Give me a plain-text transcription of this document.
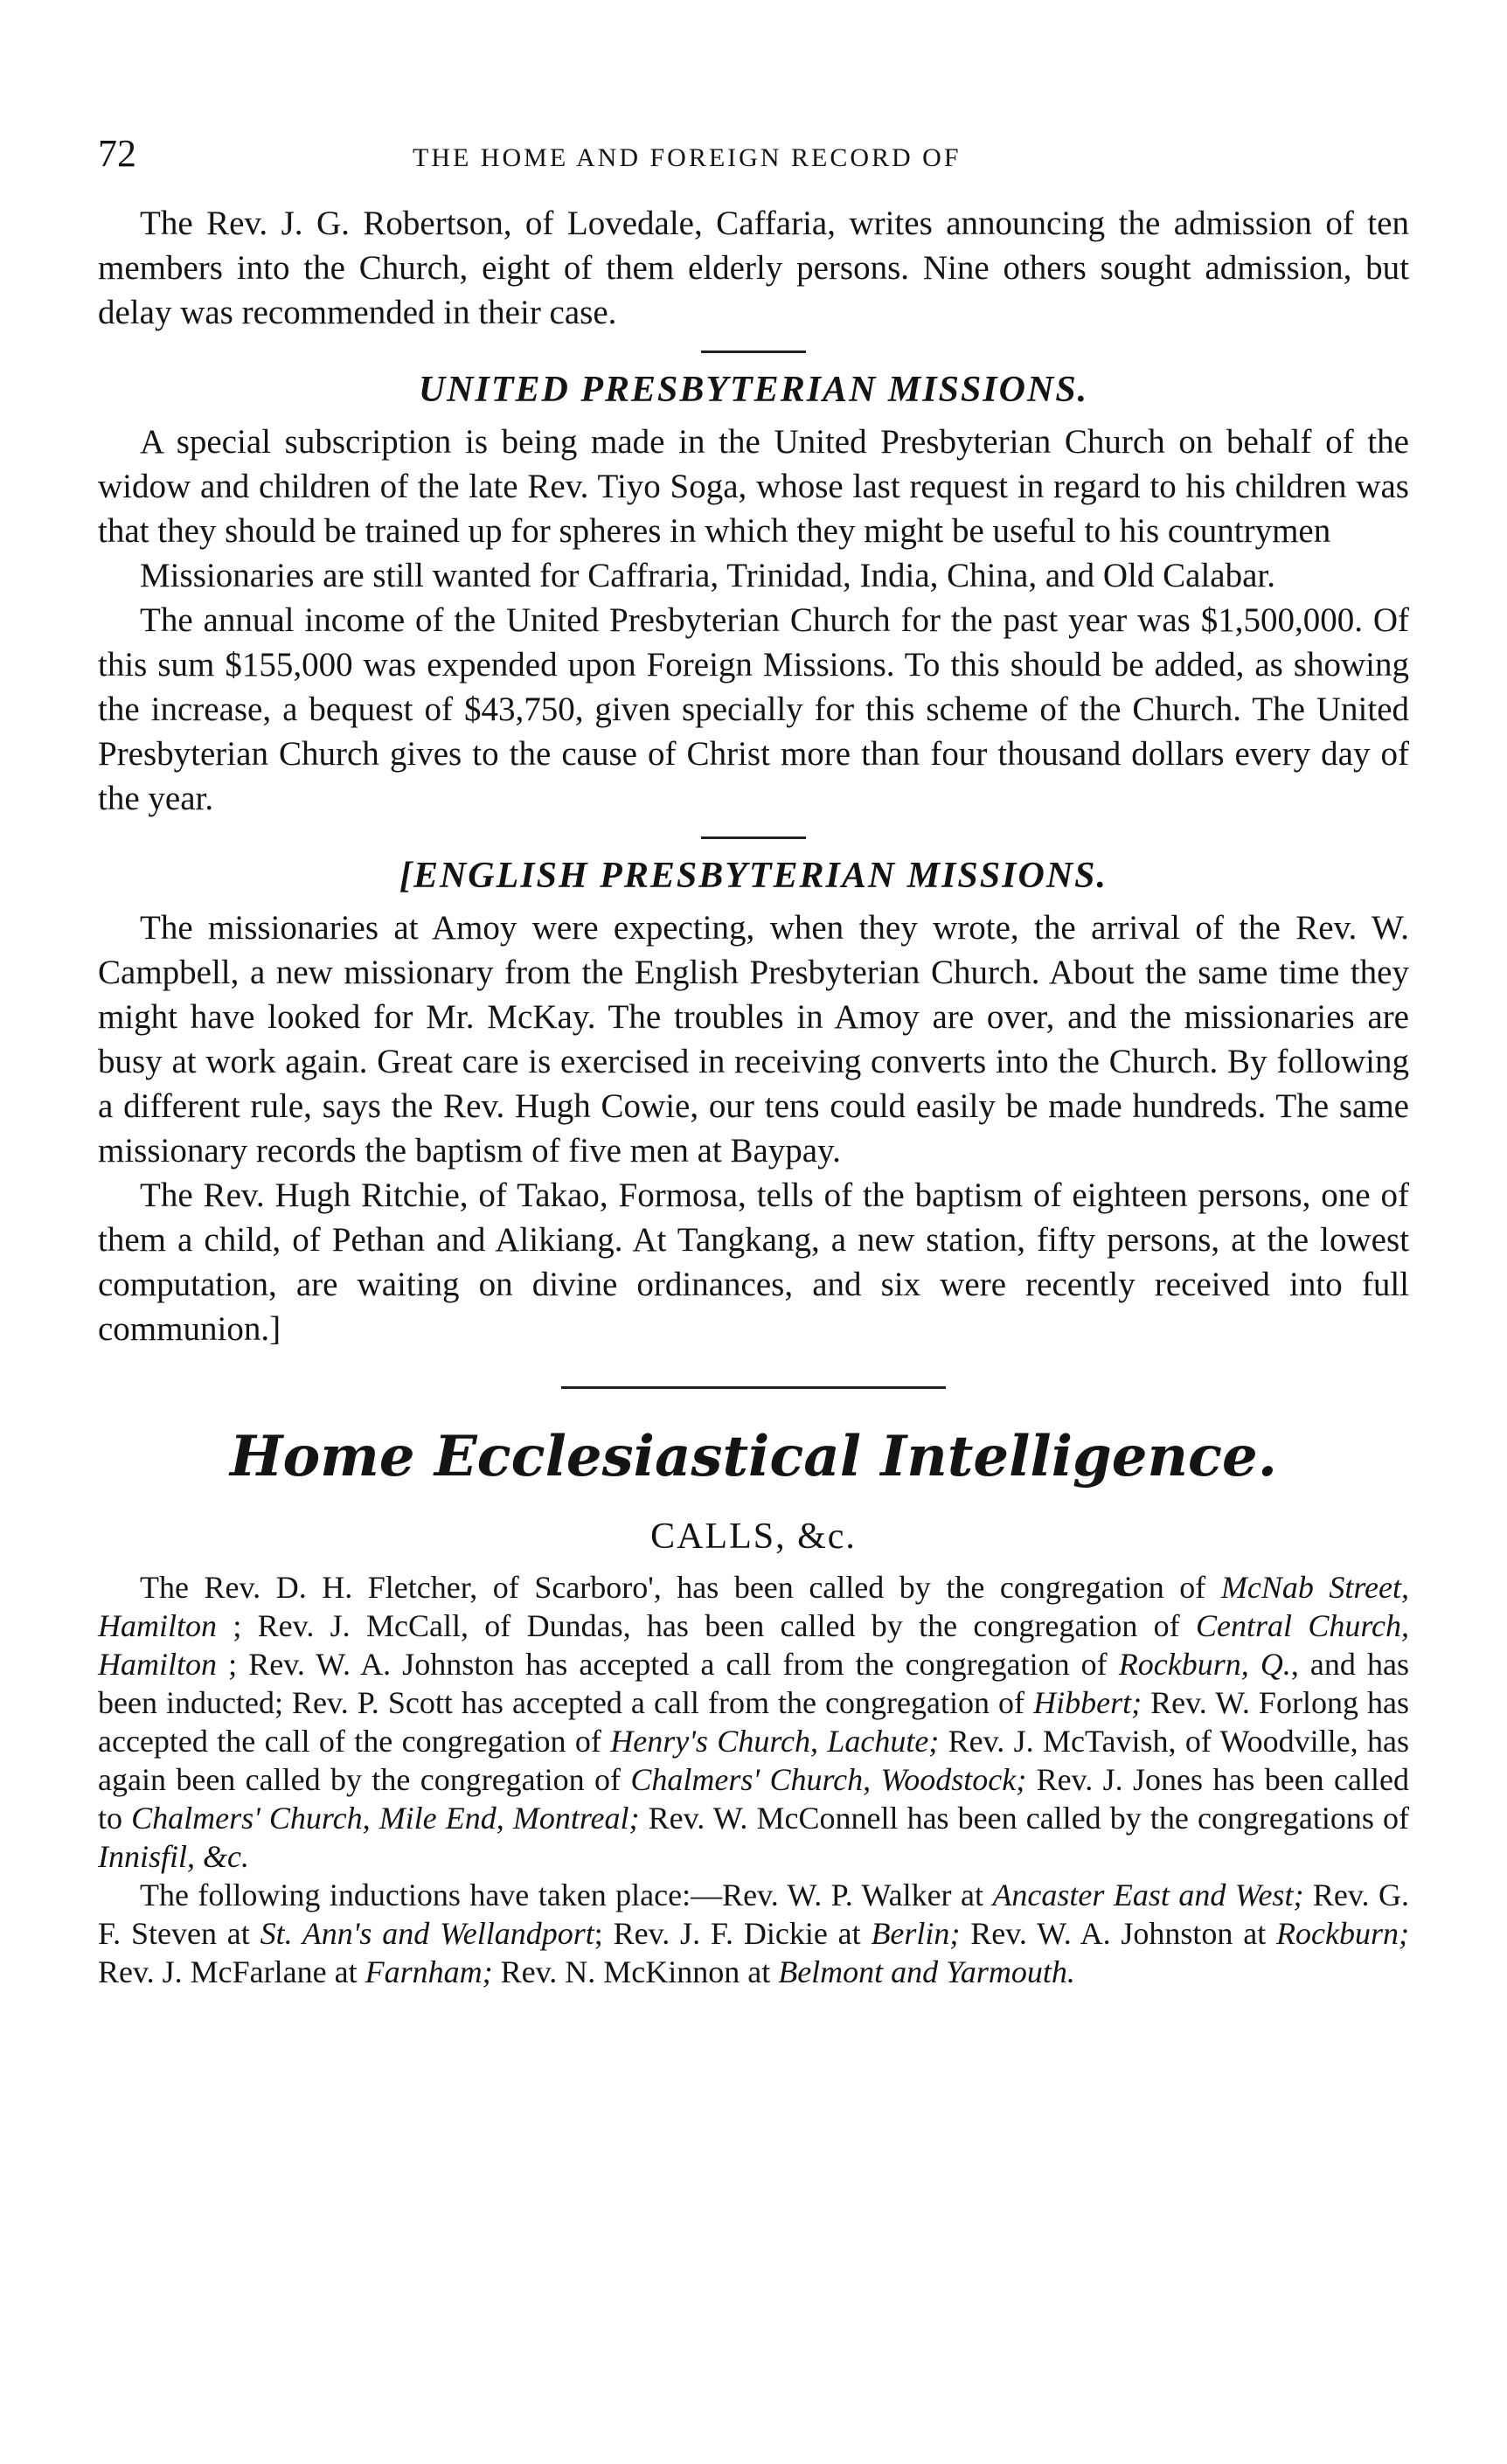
72	THE HOME AND FOREIGN RECORD OF

The Rev. J. G. Robertson, of Lovedale, Caffaria, writes announcing the admission of ten members into the Church, eight of them elderly persons. Nine others sought admission, but delay was recommended in their case.

UNITED PRESBYTERIAN MISSIONS.

A special subscription is being made in the United Presbyterian Church on behalf of the widow and children of the late Rev. Tiyo Soga, whose last request in regard to his children was that they should be trained up for spheres in which they might be useful to his countrymen

Missionaries are still wanted for Caffraria, Trinidad, India, China, and Old Calabar.

The annual income of the United Presbyterian Church for the past year was $1,500,000. Of this sum $155,000 was expended upon Foreign Missions. To this should be added, as showing the increase, a bequest of $43,750, given specially for this scheme of the Church. The United Presbyterian Church gives to the cause of Christ more than four thousand dollars every day of the year.

[ENGLISH PRESBYTERIAN MISSIONS.

The missionaries at Amoy were expecting, when they wrote, the arrival of the Rev. W. Campbell, a new missionary from the English Presbyterian Church. About the same time they might have looked for Mr. McKay. The troubles in Amoy are over, and the missionaries are busy at work again. Great care is exercised in receiving converts into the Church. By following a different rule, says the Rev. Hugh Cowie, our tens could easily be made hundreds. The same missionary records the baptism of five men at Baypay.

The Rev. Hugh Ritchie, of Takao, Formosa, tells of the baptism of eighteen persons, one of them a child, of Pethan and Alikiang. At Tangkang, a new station, fifty persons, at the lowest computation, are waiting on divine ordinances, and six were recently received into full communion.]

Home Ecclesiastical Intelligence.
CALLS, &c.

The Rev. D. H. Fletcher, of Scarboro', has been called by the congregation of McNab Street, Hamilton ; Rev. J. McCall, of Dundas, has been called by the congregation of Central Church, Hamilton ; Rev. W. A. Johnston has accepted a call from the congregation of Rockburn, Q., and has been inducted; Rev. P. Scott has accepted a call from the congregation of Hibbert; Rev. W. Forlong has accepted the call of the congregation of Henry's Church, Lachute; Rev. J. McTavish, of Woodville, has again been called by the congregation of Chalmers' Church, Woodstock; Rev. J. Jones has been called to Chalmers' Church, Mile End, Montreal; Rev. W. McConnell has been called by the congregations of Innisfil, &c.

The following inductions have taken place:—Rev. W. P. Walker at Ancaster East and West; Rev. G. F. Steven at St. Ann's and Wellandport; Rev. J. F. Dickie at Berlin; Rev. W. A. Johnston at Rockburn; Rev. J. McFarlane at Farnham; Rev. N. McKinnon at Belmont and Yarmouth.
